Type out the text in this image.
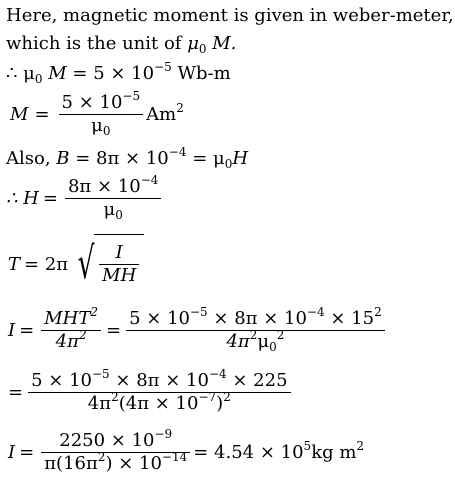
Here, magnetic moment is given in weber-meter,
which is the unit of $\mu_0$ M.
∴ $\mu_0$ $M = 5 \times 10^{-5}$ Wb-m
$M = \frac{5 \times 10^{-5}}{\mu_0} Am^2$
Also, $B = 8\pi \times 10^{-4} = \mu_0H$
∴ $H = \frac{8\pi \times 10^{-4}}{\mu_0}$
T = 2π √ $\frac{I}{MH}$
$I = \frac{MHT^2}{4\pi^2} = \frac{5 \times 10^{-5} \times 8\pi \times 10^{-4} \times 15^2}{4\pi^2\mu_0^2}$
= $\frac{5 \times 10^{-5} \times 8\pi \times 10^{-4} \times 225}{4\pi^2(4\pi \times 10^{-7})^2}$
$I = \frac{2250 \times 10^{-9}}{\pi(16\pi^2) \times 10^{-14}} = 4.54 \times 10^5kg$ $m^2$
